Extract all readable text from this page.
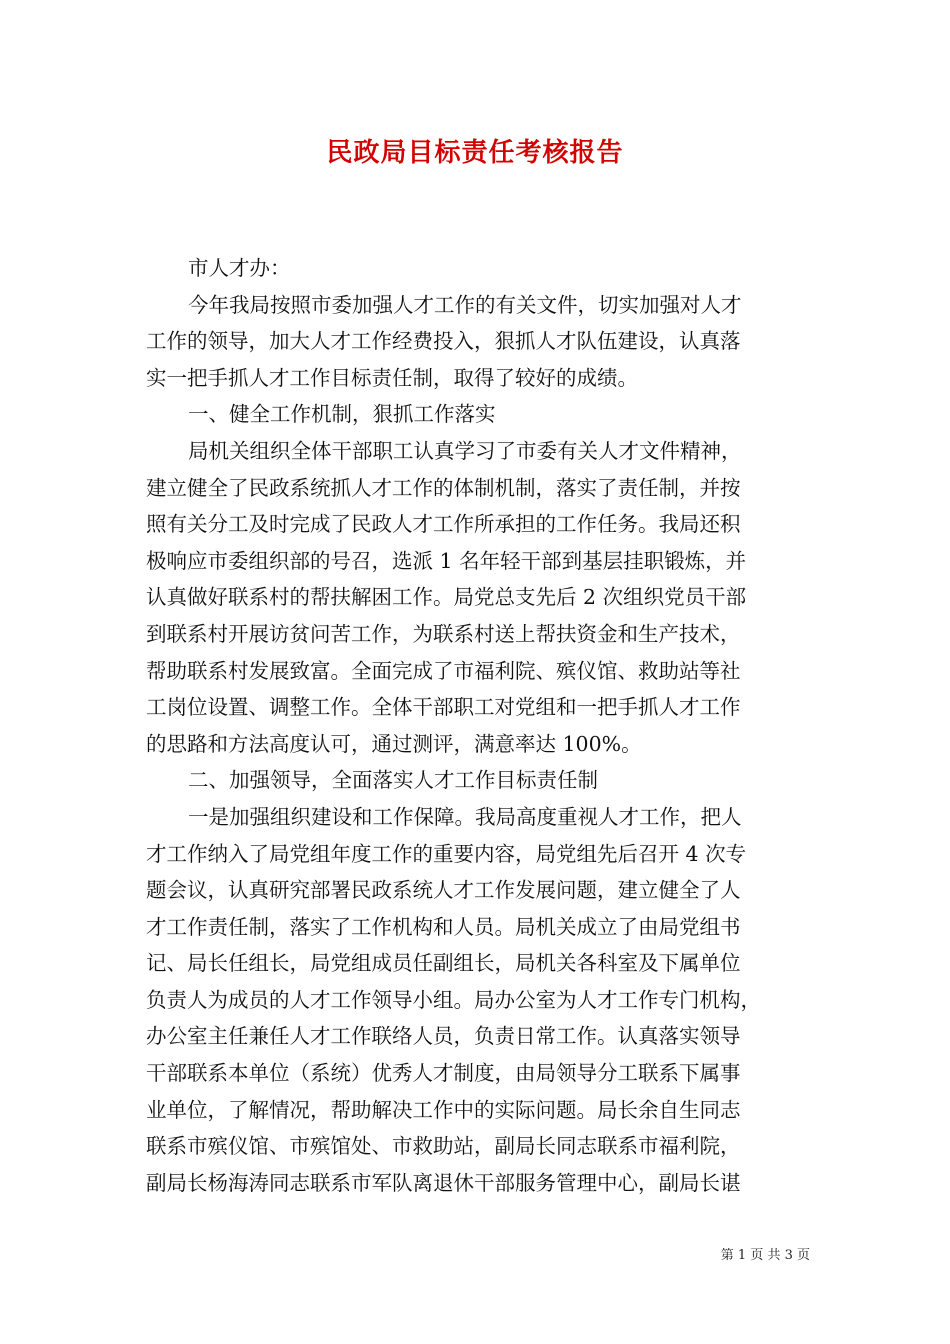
民政局目标责任考核报告
市人才办：
今年我局按照市委加强人才工作的有关文件，切实加强对人才
工作的领导，加大人才工作经费投入，狠抓人才队伍建设，认真落
实一把手抓人才工作目标责任制，取得了较好的成绩。
一、健全工作机制，狠抓工作落实
局机关组织全体干部职工认真学习了市委有关人才文件精神，
建立健全了民政系统抓人才工作的体制机制，落实了责任制，并按
照有关分工及时完成了民政人才工作所承担的工作任务。我局还积
极响应市委组织部的号召，选派 1 名年轻干部到基层挂职锻炼，并
认真做好联系村的帮扶解困工作。局党总支先后 2 次组织党员干部
到联系村开展访贫问苦工作，为联系村送上帮扶资金和生产技术，
帮助联系村发展致富。全面完成了市福利院、殡仪馆、救助站等社
工岗位设置、调整工作。全体干部职工对党组和一把手抓人才工作
的思路和方法高度认可，通过测评，满意率达 100%。
二、加强领导，全面落实人才工作目标责任制
一是加强组织建设和工作保障。我局高度重视人才工作，把人
才工作纳入了局党组年度工作的重要内容，局党组先后召开 4 次专
题会议，认真研究部署民政系统人才工作发展问题，建立健全了人
才工作责任制，落实了工作机构和人员。局机关成立了由局党组书
记、局长任组长，局党组成员任副组长，局机关各科室及下属单位
负责人为成员的人才工作领导小组。局办公室为人才工作专门机构，
办公室主任兼任人才工作联络人员，负责日常工作。认真落实领导
干部联系本单位（系统）优秀人才制度，由局领导分工联系下属事
业单位，了解情况，帮助解决工作中的实际问题。局长余自生同志
联系市殡仪馆、市殡馆处、市救助站，副局长同志联系市福利院，
副局长杨海涛同志联系市军队离退休干部服务管理中心，副局长谌
第 1 页 共 3 页
